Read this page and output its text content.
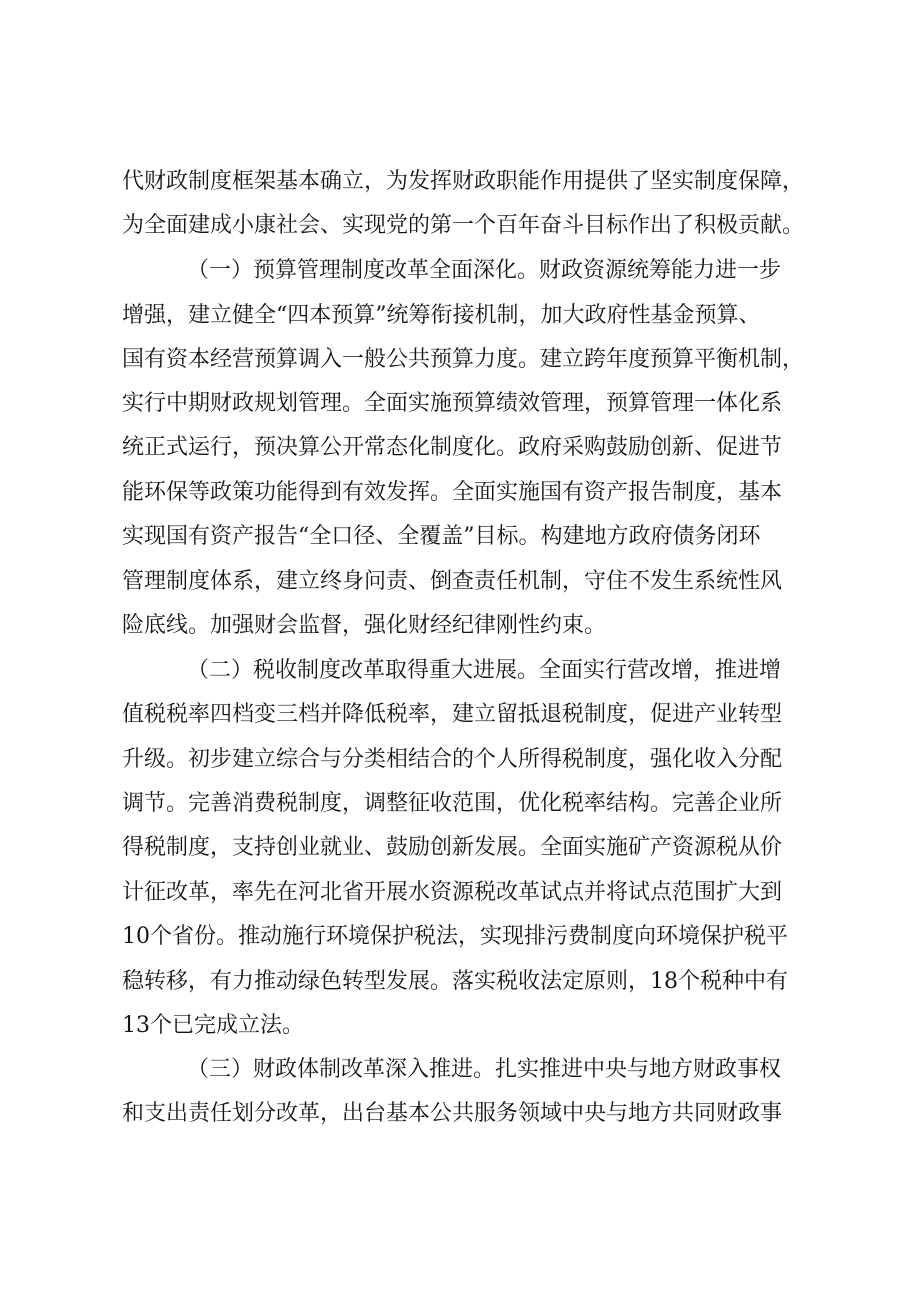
代财政制度框架基本确立，为发挥财政职能作用提供了坚实制度保障，
为全面建成小康社会、实现党的第一个百年奋斗目标作出了积极贡献。
（一）预算管理制度改革全面深化。财政资源统筹能力进一步
增强，建立健全“四本预算”统筹衔接机制，加大政府性基金预算、
国有资本经营预算调入一般公共预算力度。建立跨年度预算平衡机制，
实行中期财政规划管理。全面实施预算绩效管理，预算管理一体化系
统正式运行，预决算公开常态化制度化。政府采购鼓励创新、促进节
能环保等政策功能得到有效发挥。全面实施国有资产报告制度，基本
实现国有资产报告“全口径、全覆盖”目标。构建地方政府债务闭环
管理制度体系，建立终身问责、倒查责任机制，守住不发生系统性风
险底线。加强财会监督，强化财经纪律刚性约束。
（二）税收制度改革取得重大进展。全面实行营改增，推进增
值税税率四档变三档并降低税率，建立留抵退税制度，促进产业转型
升级。初步建立综合与分类相结合的个人所得税制度，强化收入分配
调节。完善消费税制度，调整征收范围，优化税率结构。完善企业所
得税制度，支持创业就业、鼓励创新发展。全面实施矿产资源税从价
计征改革，率先在河北省开展水资源税改革试点并将试点范围扩大到
10个省份。推动施行环境保护税法，实现排污费制度向环境保护税平
稳转移，有力推动绿色转型发展。落实税收法定原则，18个税种中有
13个已完成立法。
（三）财政体制改革深入推进。扎实推进中央与地方财政事权
和支出责任划分改革，出台基本公共服务领域中央与地方共同财政事
